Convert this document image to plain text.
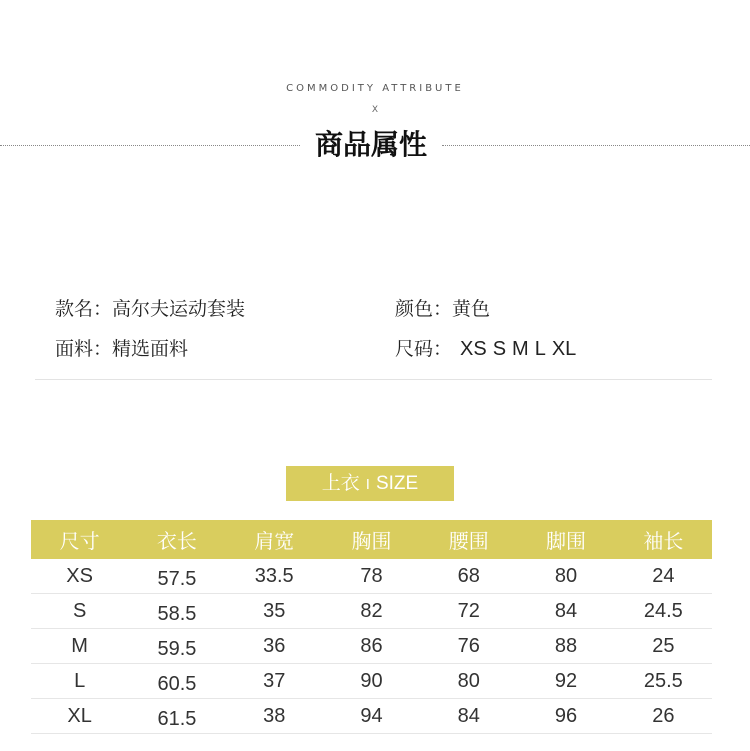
COMMODITY ATTRIBUTE
X
商品属性
款名：高尔夫运动套装	颜色：黄色
面料：精选面料	尺码： XS S M L XL
上衣 I SIZE
尺寸	衣长	肩宽	胸围	腰围	脚围	袖长
XS	57.5	33.5	78	68	80	24
S	58.5	35	82	72	84	24.5
M	59.5	36	86	76	88	25
L	60.5	37	90	80	92	25.5
XL	61.5	38	94	84	96	26
